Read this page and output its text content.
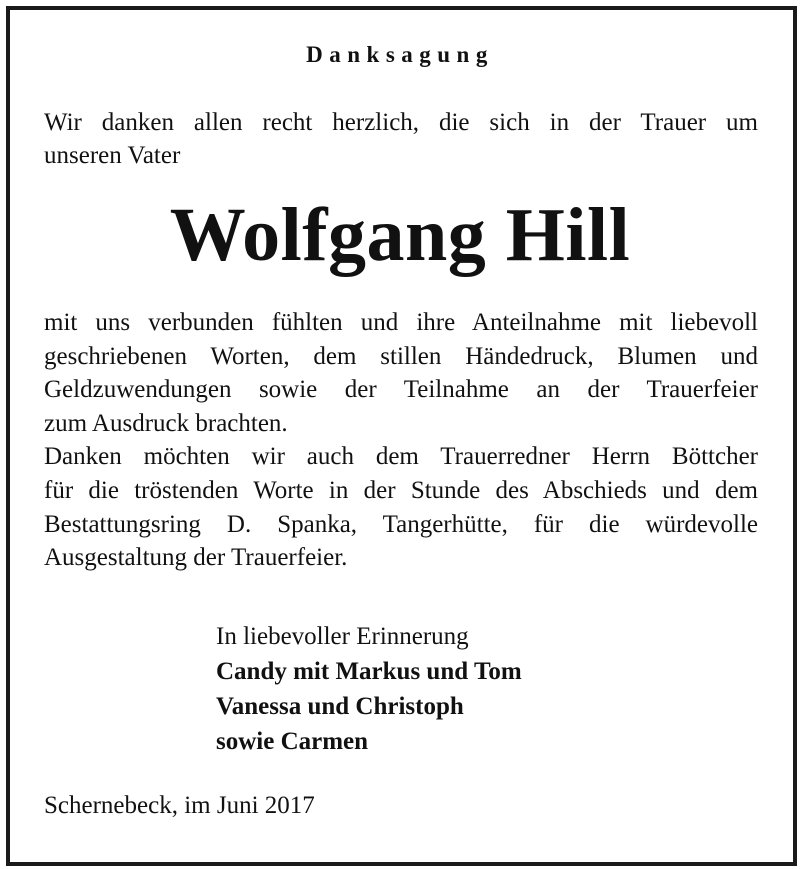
Danksagung
Wir danken allen recht herzlich, die sich in der Trauer um
unseren Vater
Wolfgang Hill
mit uns verbunden fühlten und ihre Anteilnahme mit liebevoll
geschriebenen Worten, dem stillen Händedruck, Blumen und
Geldzuwendungen sowie der Teilnahme an der Trauerfeier
zum Ausdruck brachten.
Danken möchten wir auch dem Trauerredner Herrn Böttcher
für die tröstenden Worte in der Stunde des Abschieds und dem
Bestattungsring D. Spanka, Tangerhütte, für die würdevolle
Ausgestaltung der Trauerfeier.
In liebevoller Erinnerung
Candy mit Markus und Tom
Vanessa und Christoph
sowie Carmen
Schernebeck, im Juni 2017
